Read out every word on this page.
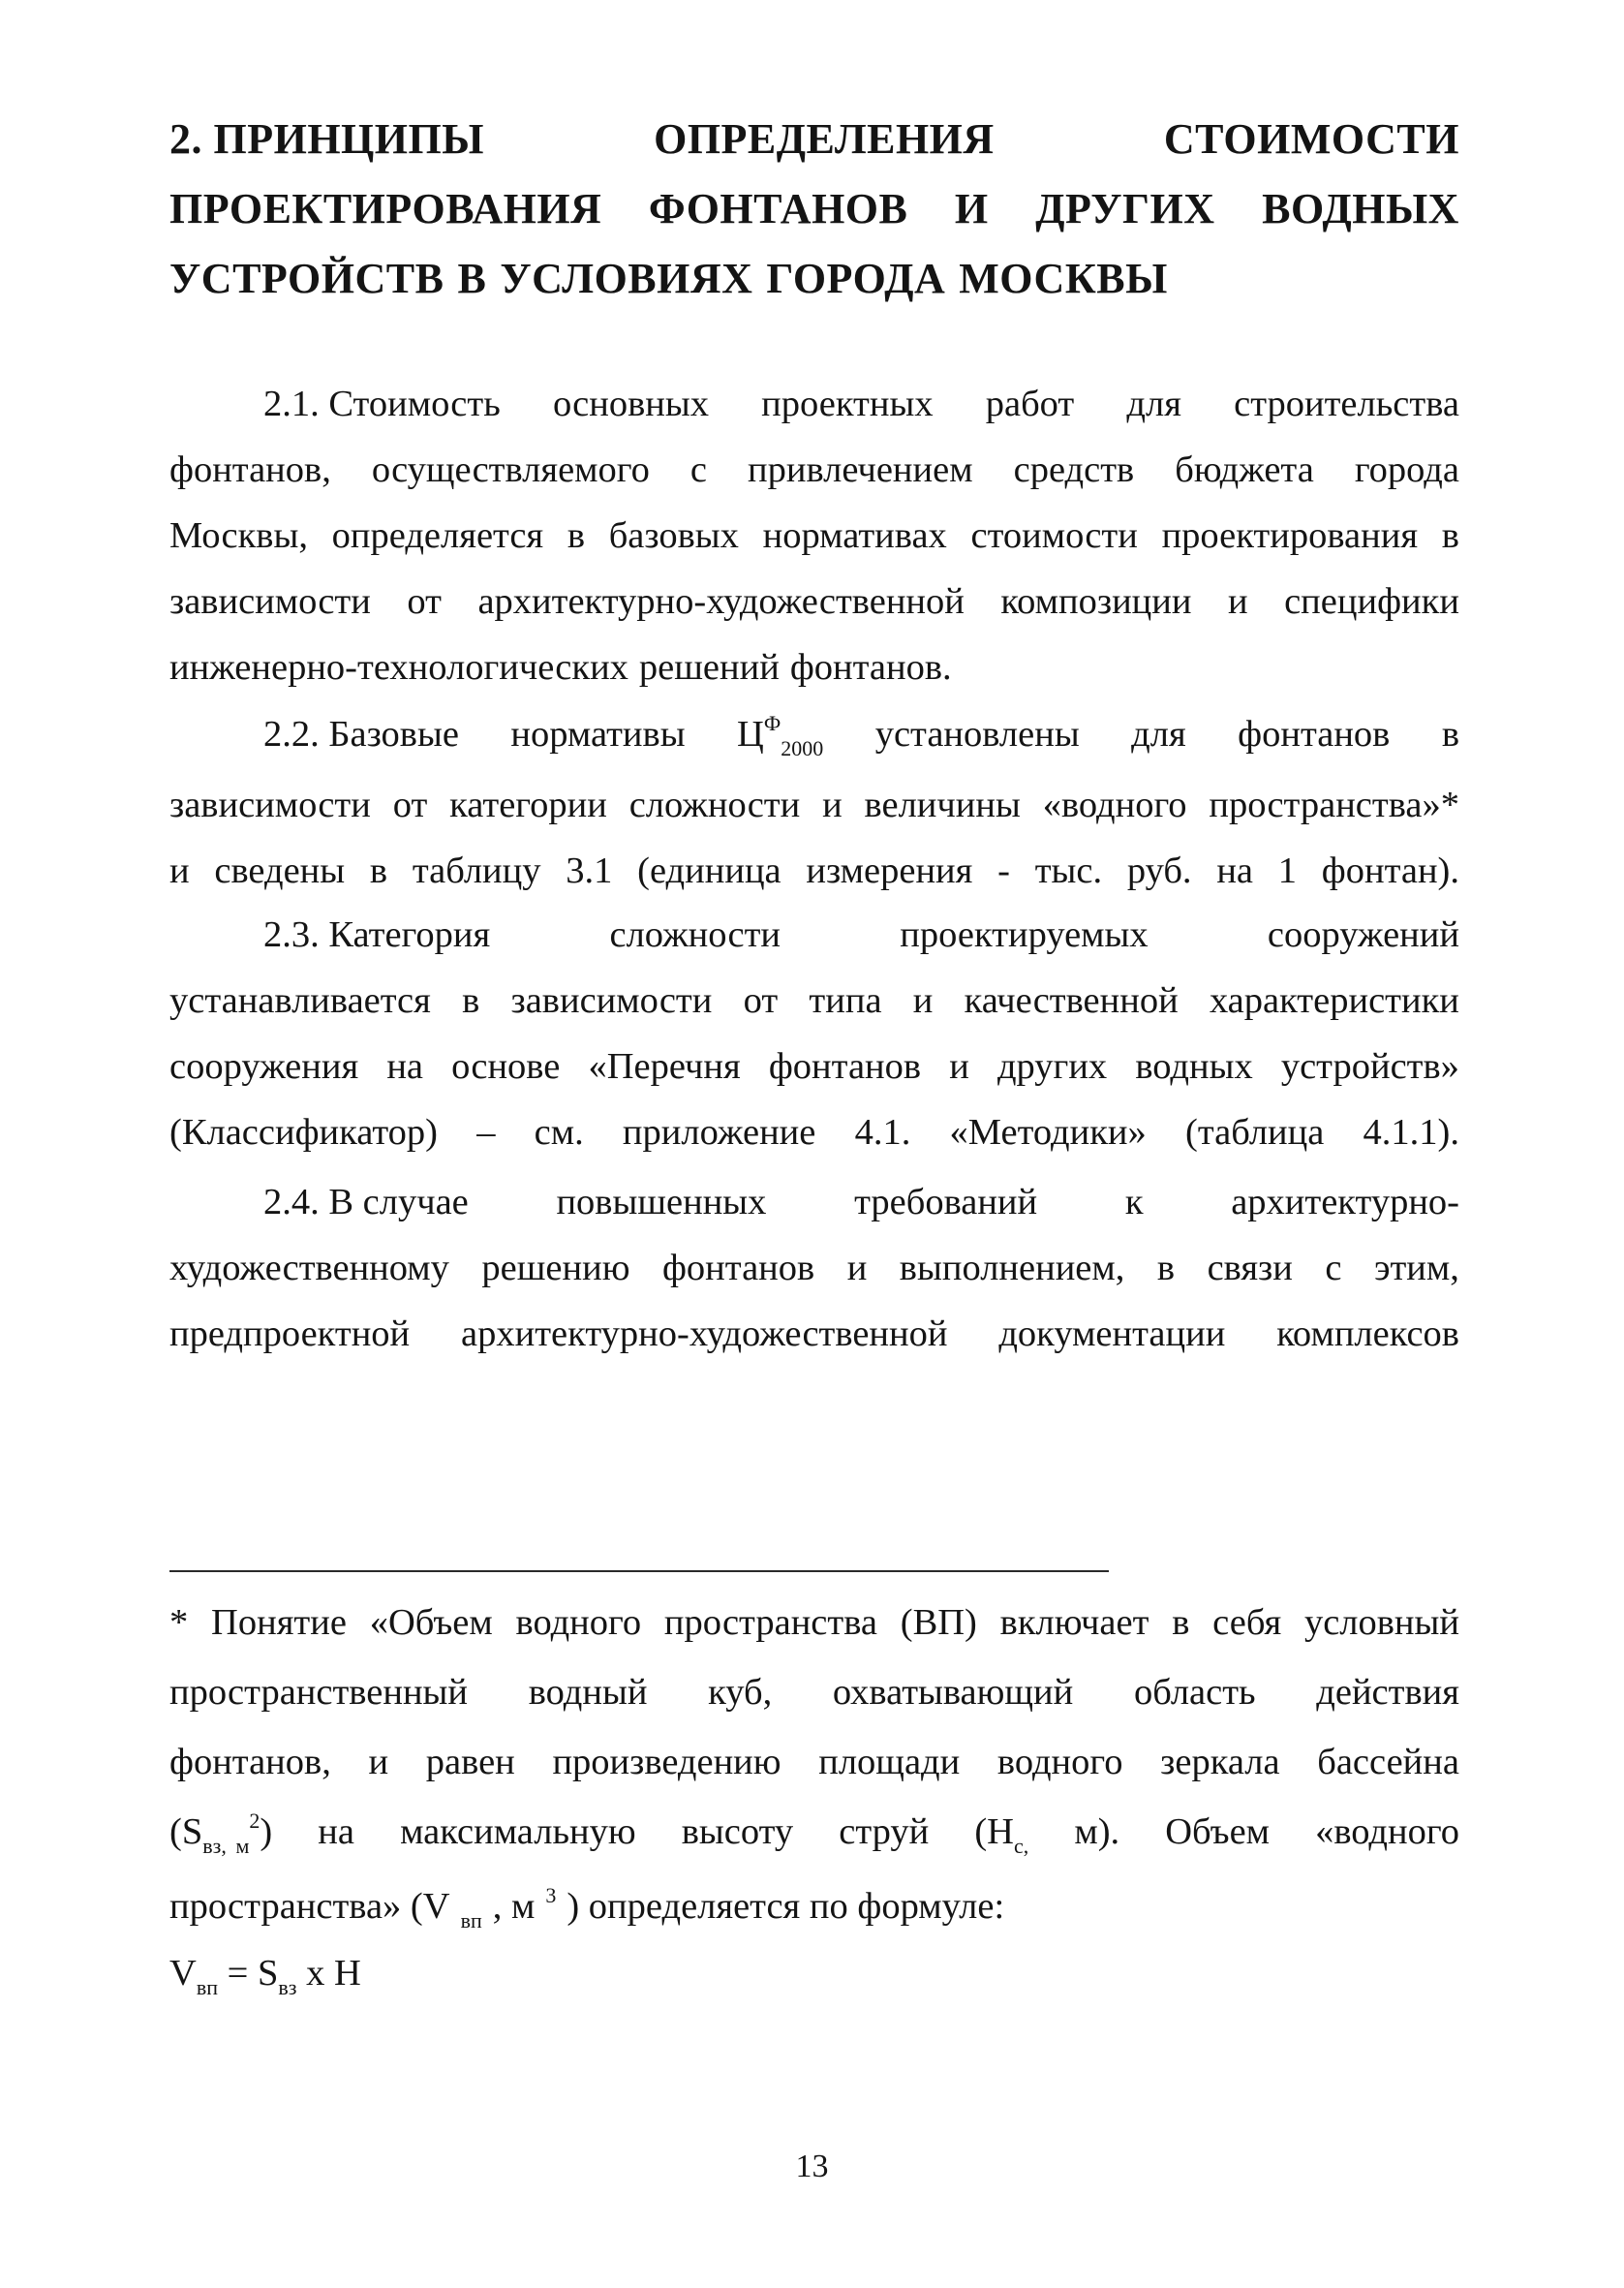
2. ПРИНЦИПЫ	ОПРЕДЕЛЕНИЯ	СТОИМОСТИ
ПРОЕКТИРОВАНИЯ ФОНТАНОВ И ДРУГИХ ВОДНЫХ
УСТРОЙСТВ В УСЛОВИЯХ ГОРОДА МОСКВЫ
2.1. Стоимость основных проектных работ для строительства
фонтанов, осуществляемого с привлечением средств бюджета города
Москвы, определяется в базовых нормативах стоимости проектирования в
зависимости от архитектурно-художественной композиции и специфики
инженерно-технологических решений фонтанов.
2.2. Базовые нормативы $Ц^Ф_{2000}$ установлены для фонтанов в
зависимости от категории сложности и величины «водного пространства»*
и сведены в таблицу 3.1 (единица измерения - тыс. руб. на 1 фонтан).
2.3. Категория	сложности	проектируемых	сооружений
устанавливается в зависимости от типа и качественной характеристики
сооружения на основе «Перечня фонтанов и других водных устройств»
(Классификатор) – см. приложение 4.1. «Методики» (таблица 4.1.1).
2.4. В случае повышенных требований к архитектурно-
художественному решению фонтанов и выполнением, в связи с этим,
предпроектной архитектурно-художественной документации комплексов
* Понятие «Объем водного пространства (ВП) включает в себя условный
пространственный водный куб, охватывающий область действия
фонтанов, и равен произведению площади водного зеркала бассейна
($S_{вз,}$ $_м^2$) на максимальную высоту струй ($H_{c,}$ м). Объем «водного
пространства» (V $_{вп}$ , м $^3$ ) определяется по формуле:
$V_{вп} = S_{вз}$ х H
13
